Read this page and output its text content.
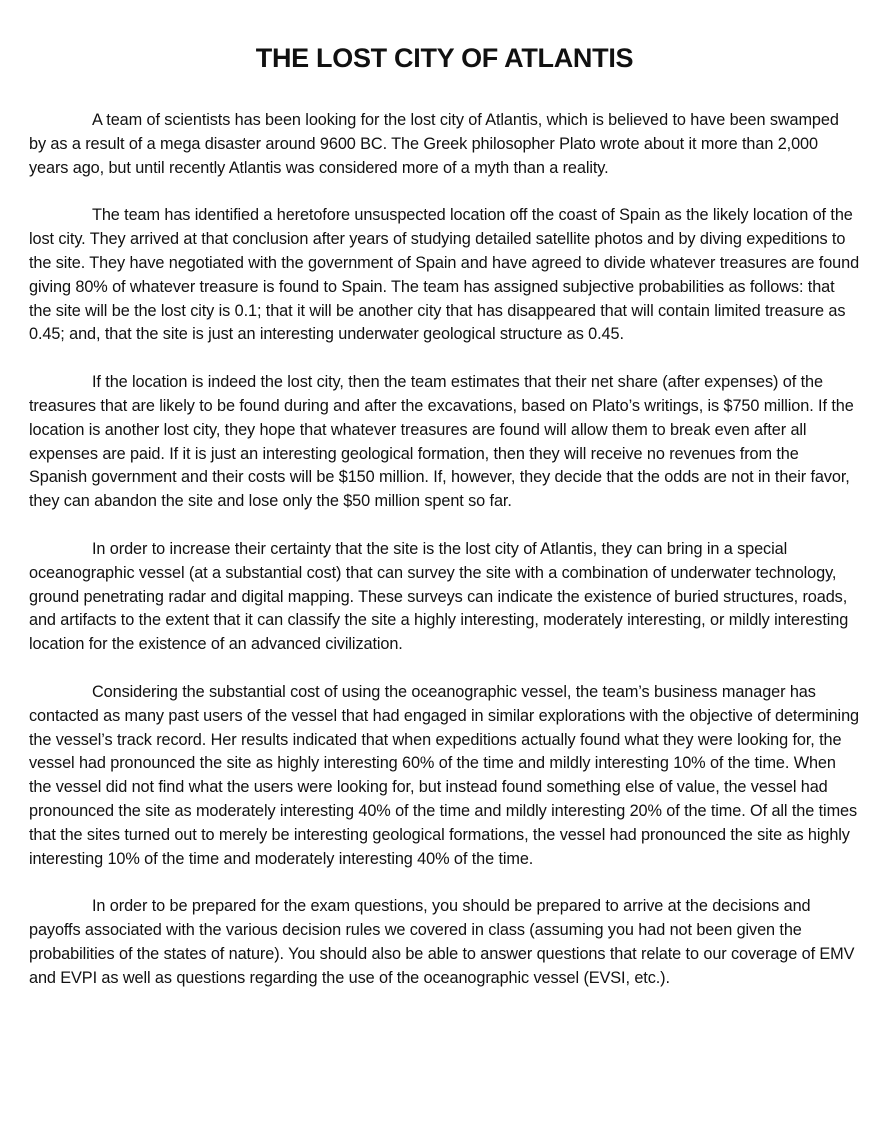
THE LOST CITY OF ATLANTIS

A team of scientists has been looking for the lost city of Atlantis, which is believed to have been swamped by as a result of a mega disaster around 9600 BC. The Greek philosopher Plato wrote about it more than 2,000 years ago, but until recently Atlantis was considered more of a myth than a reality.

The team has identified a heretofore unsuspected location off the coast of Spain as the likely location of the lost city. They arrived at that conclusion after years of studying detailed satellite photos and by diving expeditions to the site. They have negotiated with the government of Spain and have agreed to divide whatever treasures are found giving 80% of whatever treasure is found to Spain. The team has assigned subjective probabilities as follows: that the site will be the lost city is 0.1; that it will be another city that has disappeared that will contain limited treasure as 0.45; and, that the site is just an interesting underwater geological structure as 0.45.

If the location is indeed the lost city, then the team estimates that their net share (after expenses) of the treasures that are likely to be found during and after the excavations, based on Plato’s writings, is $750 million. If the location is another lost city, they hope that whatever treasures are found will allow them to break even after all expenses are paid. If it is just an interesting geological formation, then they will receive no revenues from the Spanish government and their costs will be $150 million. If, however, they decide that the odds are not in their favor, they can abandon the site and lose only the $50 million spent so far.

In order to increase their certainty that the site is the lost city of Atlantis, they can bring in a special oceanographic vessel (at a substantial cost) that can survey the site with a combination of underwater technology, ground penetrating radar and digital mapping. These surveys can indicate the existence of buried structures, roads, and artifacts to the extent that it can classify the site a highly interesting, moderately interesting, or mildly interesting location for the existence of an advanced civilization.

Considering the substantial cost of using the oceanographic vessel, the team’s business manager has contacted as many past users of the vessel that had engaged in similar explorations with the objective of determining the vessel’s track record. Her results indicated that when expeditions actually found what they were looking for, the vessel had pronounced the site as highly interesting 60% of the time and mildly interesting 10% of the time. When the vessel did not find what the users were looking for, but instead found something else of value, the vessel had pronounced the site as moderately interesting 40% of the time and mildly interesting 20% of the time. Of all the times that the sites turned out to merely be interesting geological formations, the vessel had pronounced the site as highly interesting 10% of the time and moderately interesting 40% of the time.

In order to be prepared for the exam questions, you should be prepared to arrive at the decisions and payoffs associated with the various decision rules we covered in class (assuming you had not been given the probabilities of the states of nature). You should also be able to answer questions that relate to our coverage of EMV and EVPI as well as questions regarding the use of the oceanographic vessel (EVSI, etc.).
